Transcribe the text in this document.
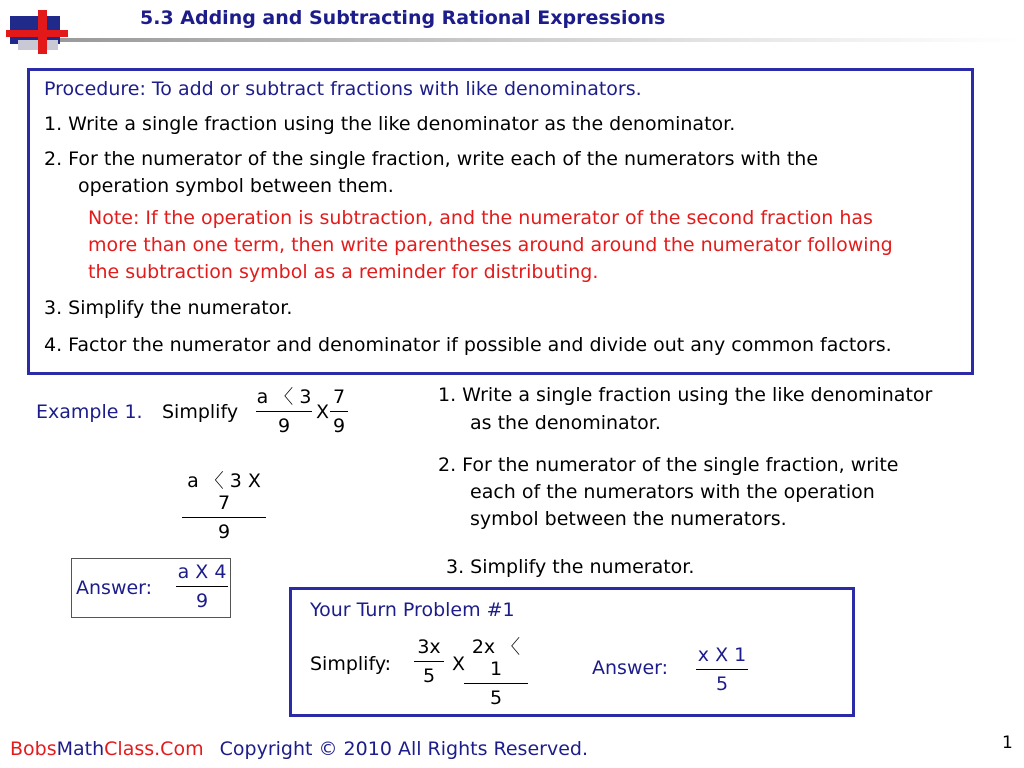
5.3 Adding and Subtracting Rational Expressions
Procedure: To add or subtract fractions with like denominators.
1. Write a single fraction using the like denominator as the denominator.
2. For the numerator of the single fraction, write each of the numerators with the
operation symbol between them.
Note: If the operation is subtraction, and the numerator of the second fraction has
more than one term, then write parentheses around around the numerator following
the subtraction symbol as a reminder for distributing.
3. Simplify the numerator.
4. Factor the numerator and denominator if possible and divide out any common factors.
Example 1. Simplify
a 〈 3
9
Χ
7
9
a 〈 3 Χ 7
9
Answer:
a Χ 4
9
1. Write a single fraction using the like denominator
as the denominator.
2. For the numerator of the single fraction, write
each of the numerators with the operation
symbol between the numerators.
3. Simplify the numerator.
Your Turn Problem #1
Simplify:
3x
5
Χ
2x 〈 1
5
Answer:
x Χ 1
5
BobsMathClass.Com Copyright © 2010 All Rights Reserved.	1
